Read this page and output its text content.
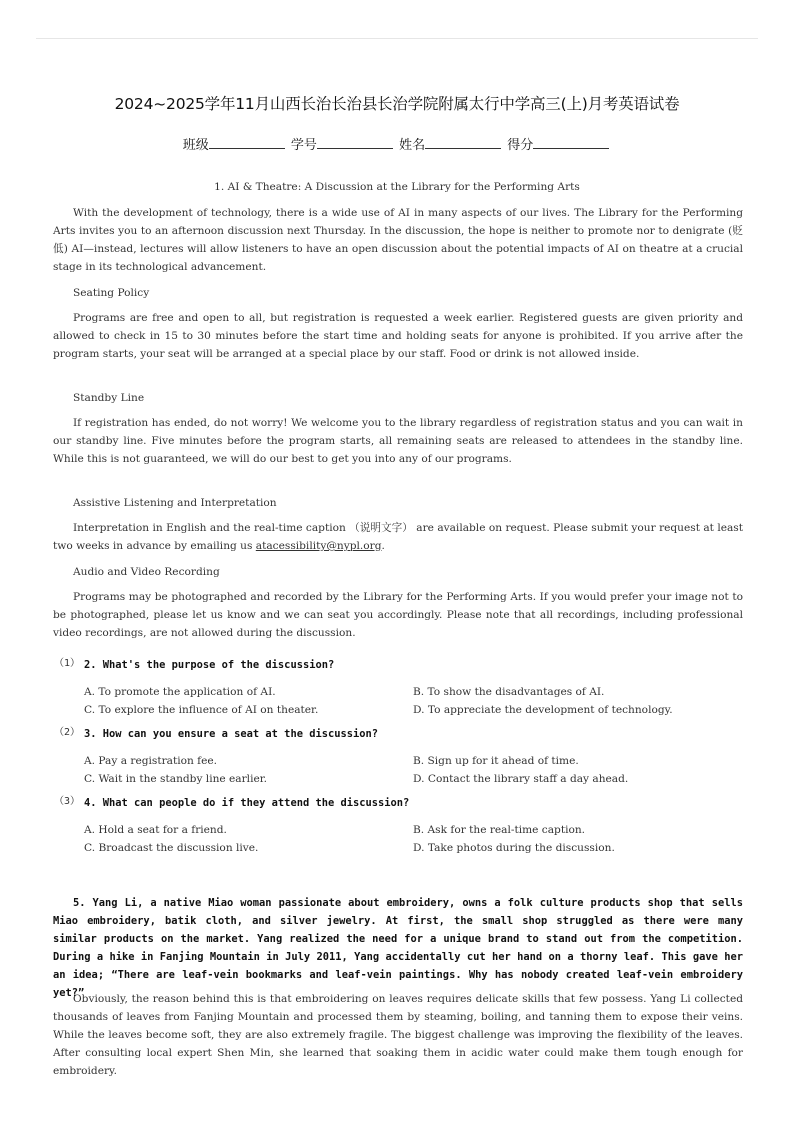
2024~2025学年11月山西长治长治县长治学院附属太行中学高三(上)月考英语试卷
班级	学号	姓名	得分
1. AI & Theatre: A Discussion at the Library for the Performing Arts
With the development of technology, there is a wide use of AI in many aspects of our lives. The Library for the Performing Arts invites you to an afternoon discussion next Thursday. In the discussion, the hope is neither to promote nor to denigrate (贬低) AI—instead, lectures will allow listeners to have an open discussion about the potential impacts of AI on theatre at a crucial stage in its technological advancement.
Seating Policy
Programs are free and open to all, but registration is requested a week earlier. Registered guests are given priority and allowed to check in 15 to 30 minutes before the start time and holding seats for anyone is prohibited. If you arrive after the program starts, your seat will be arranged at a special place by our staff. Food or drink is not allowed inside.
Standby Line
If registration has ended, do not worry! We welcome you to the library regardless of registration status and you can wait in our standby line. Five minutes before the program starts, all remaining seats are released to attendees in the standby line. While this is not guaranteed, we will do our best to get you into any of our programs.
Assistive Listening and Interpretation
Interpretation in English and the real-time caption （说明文字） are available on request. Please submit your request at least two weeks in advance by emailing us atacessibility@nypl.org.
Audio and Video Recording
Programs may be photographed and recorded by the Library for the Performing Arts. If you would prefer your image not to be photographed, please let us know and we can seat you accordingly. Please note that all recordings, including professional video recordings, are not allowed during the discussion.
（1） 2. What's the purpose of the discussion?
A. To promote the application of AI.	B. To show the disadvantages of AI.
C. To explore the influence of AI on theater.	D. To appreciate the development of technology.
（2） 3. How can you ensure a seat at the discussion?
A. Pay a registration fee.	B. Sign up for it ahead of time.
C. Wait in the standby line earlier.	D. Contact the library staff a day ahead.
（3） 4. What can people do if they attend the discussion?
A. Hold a seat for a friend.	B. Ask for the real-time caption.
C. Broadcast the discussion live.	D. Take photos during the discussion.
5. Yang Li, a native Miao woman passionate about embroidery, owns a folk culture products shop that sells Miao embroidery, batik cloth, and silver jewelry. At first, the small shop struggled as there were many similar products on the market. Yang realized the need for a unique brand to stand out from the competition. During a hike in Fanjing Mountain in July 2011, Yang accidentally cut her hand on a thorny leaf. This gave her an idea; “There are leaf-vein bookmarks and leaf-vein paintings. Why has nobody created leaf-vein embroidery yet?”
Obviously, the reason behind this is that embroidering on leaves requires delicate skills that few possess. Yang Li collected thousands of leaves from Fanjing Mountain and processed them by steaming, boiling, and tanning them to expose their veins. While the leaves become soft, they are also extremely fragile. The biggest challenge was improving the flexibility of the leaves. After consulting local expert Shen Min, she learned that soaking them in acidic water could make them tough enough for embroidery.
